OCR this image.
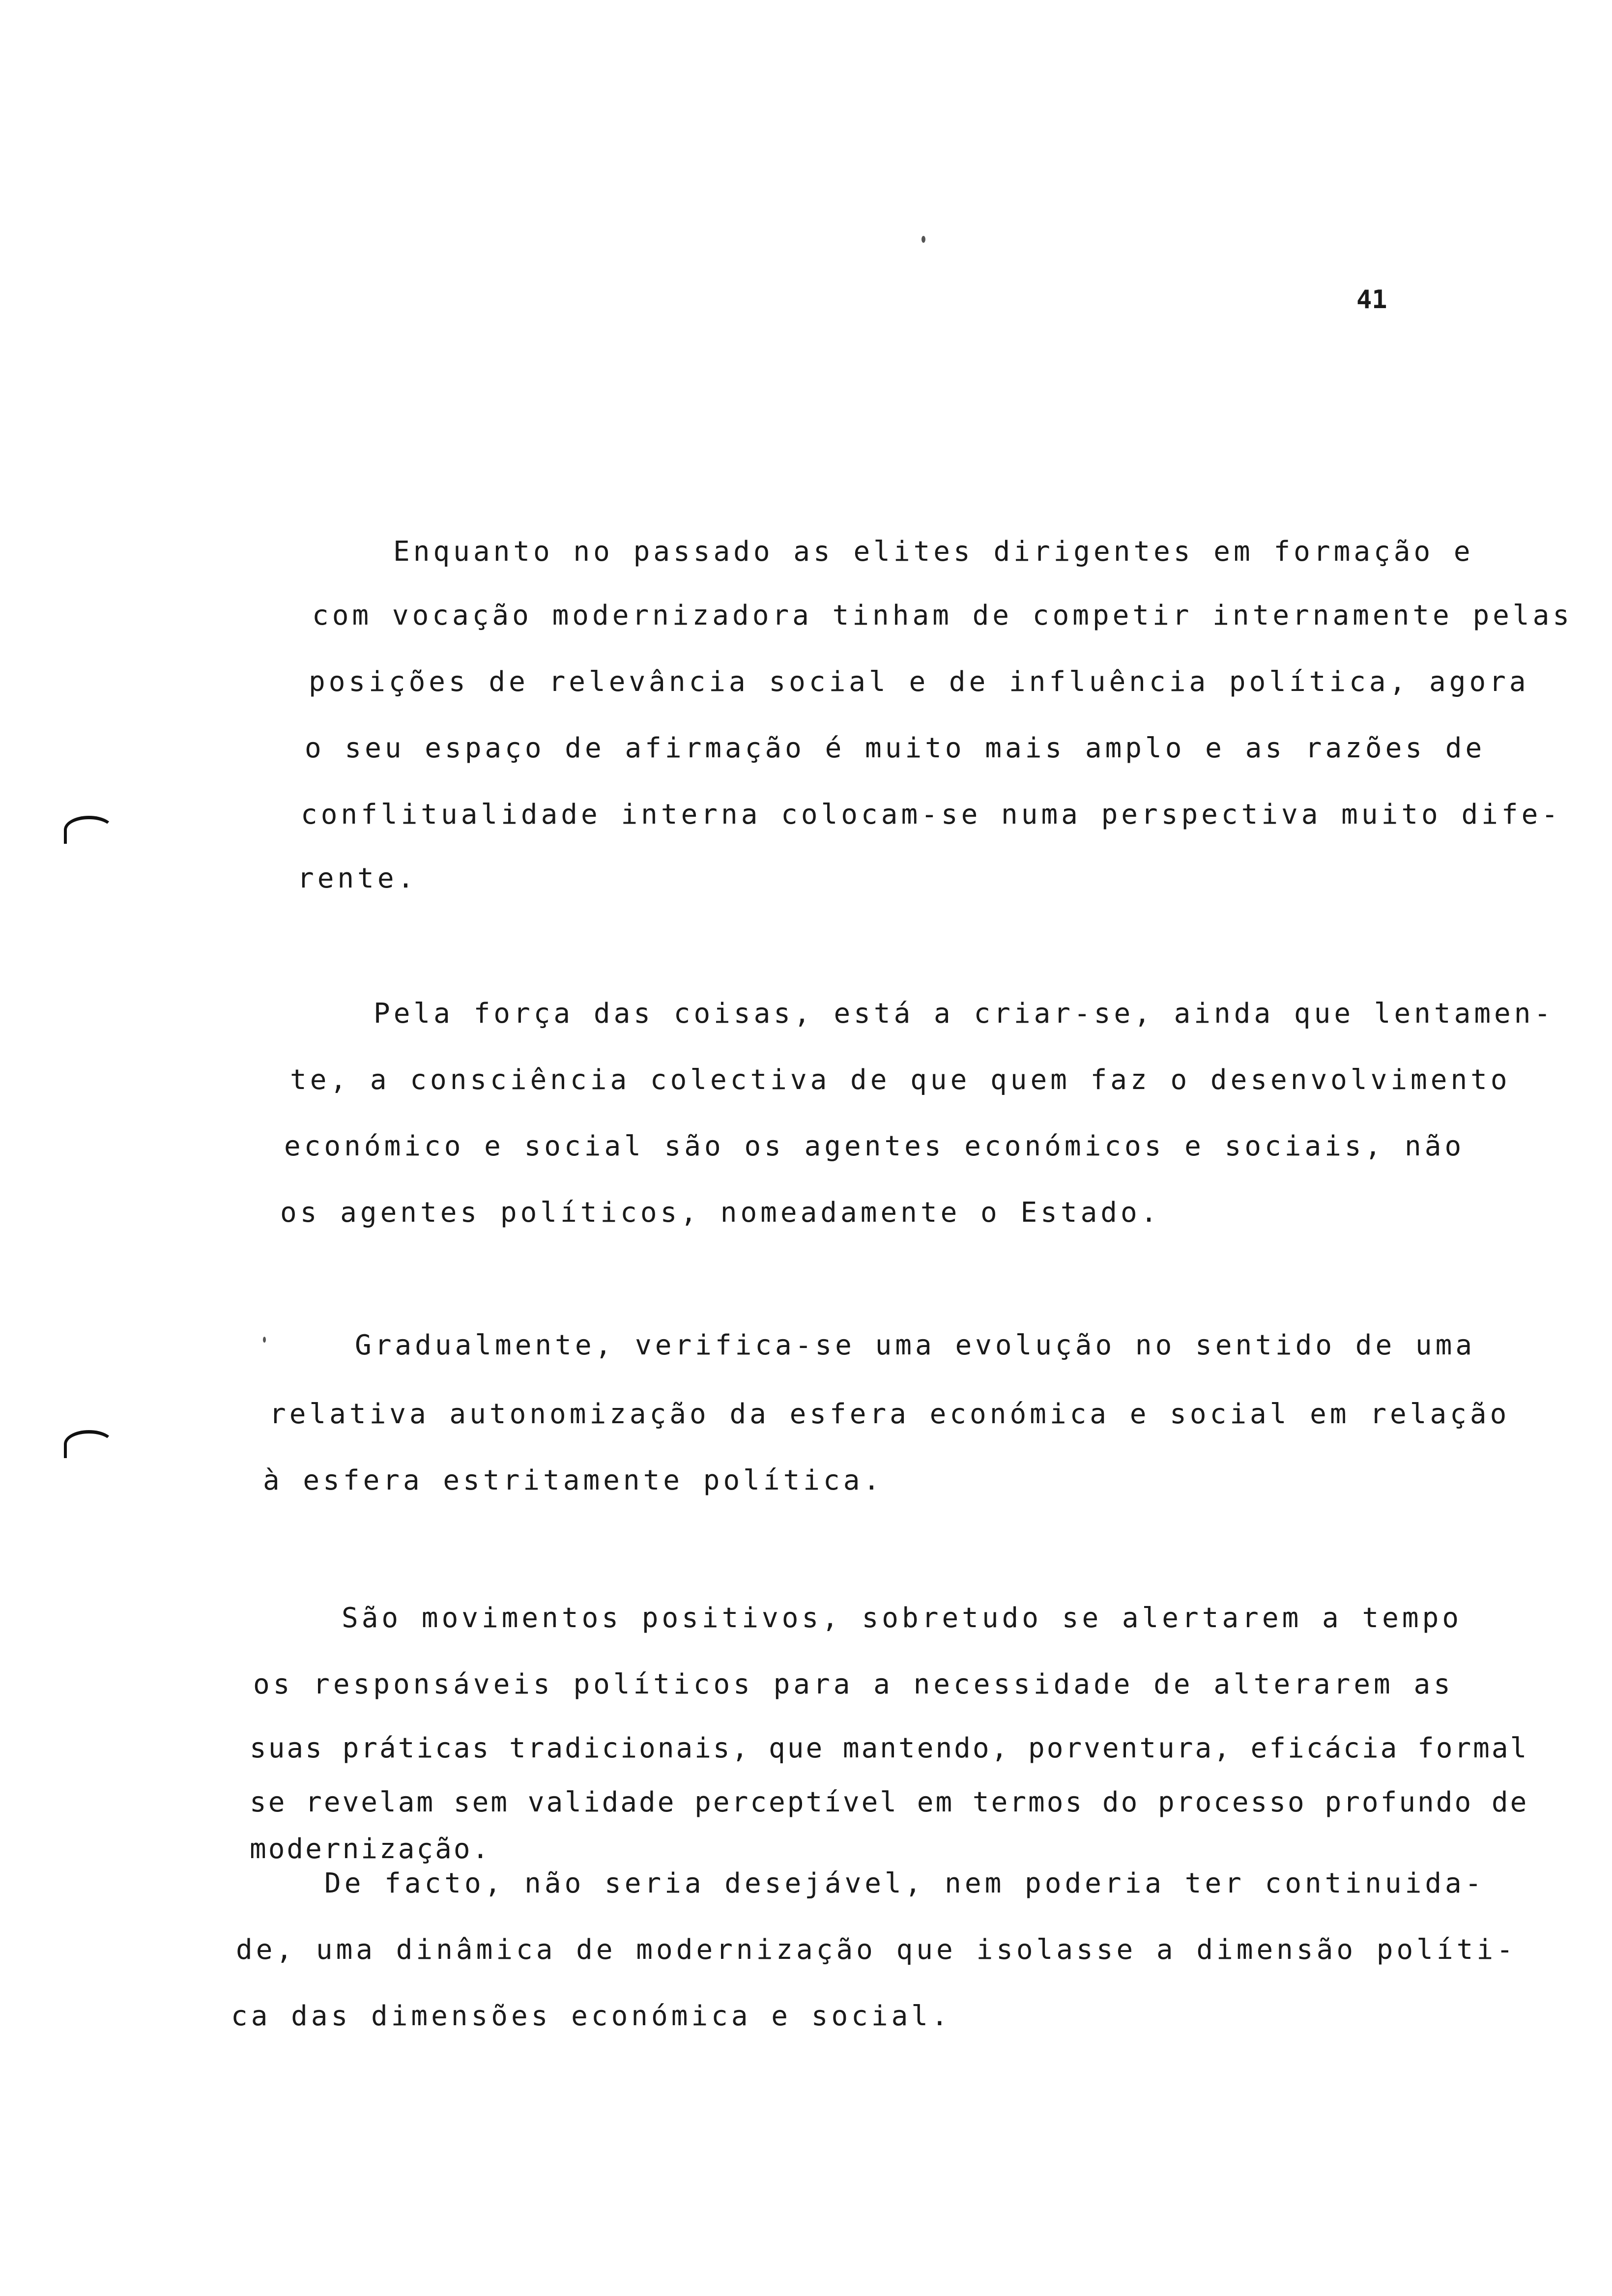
41
Enquanto no passado as elites dirigentes em formação e
com vocação modernizadora tinham de competir internamente pelas
posições de relevância social e de influência política, agora
o seu espaço de afirmação é muito mais amplo e as razões de
conflitualidade interna colocam-se numa perspectiva muito dife-
rente.
Pela força das coisas, está a criar-se, ainda que lentamen-
te, a consciência colectiva de que quem faz o desenvolvimento
económico e social são os agentes económicos e sociais, não
os agentes políticos, nomeadamente o Estado.
Gradualmente, verifica-se uma evolução no sentido de uma
relativa autonomização da esfera económica e social em relação
à esfera estritamente política.
São movimentos positivos, sobretudo se alertarem a tempo
os responsáveis políticos para a necessidade de alterarem as
suas práticas tradicionais, que mantendo, porventura, eficácia formal
se revelam sem validade perceptível em termos do processo profundo de
modernização.
De facto, não seria desejável, nem poderia ter continuida-
de, uma dinâmica de modernização que isolasse a dimensão políti-
ca das dimensões económica e social.
